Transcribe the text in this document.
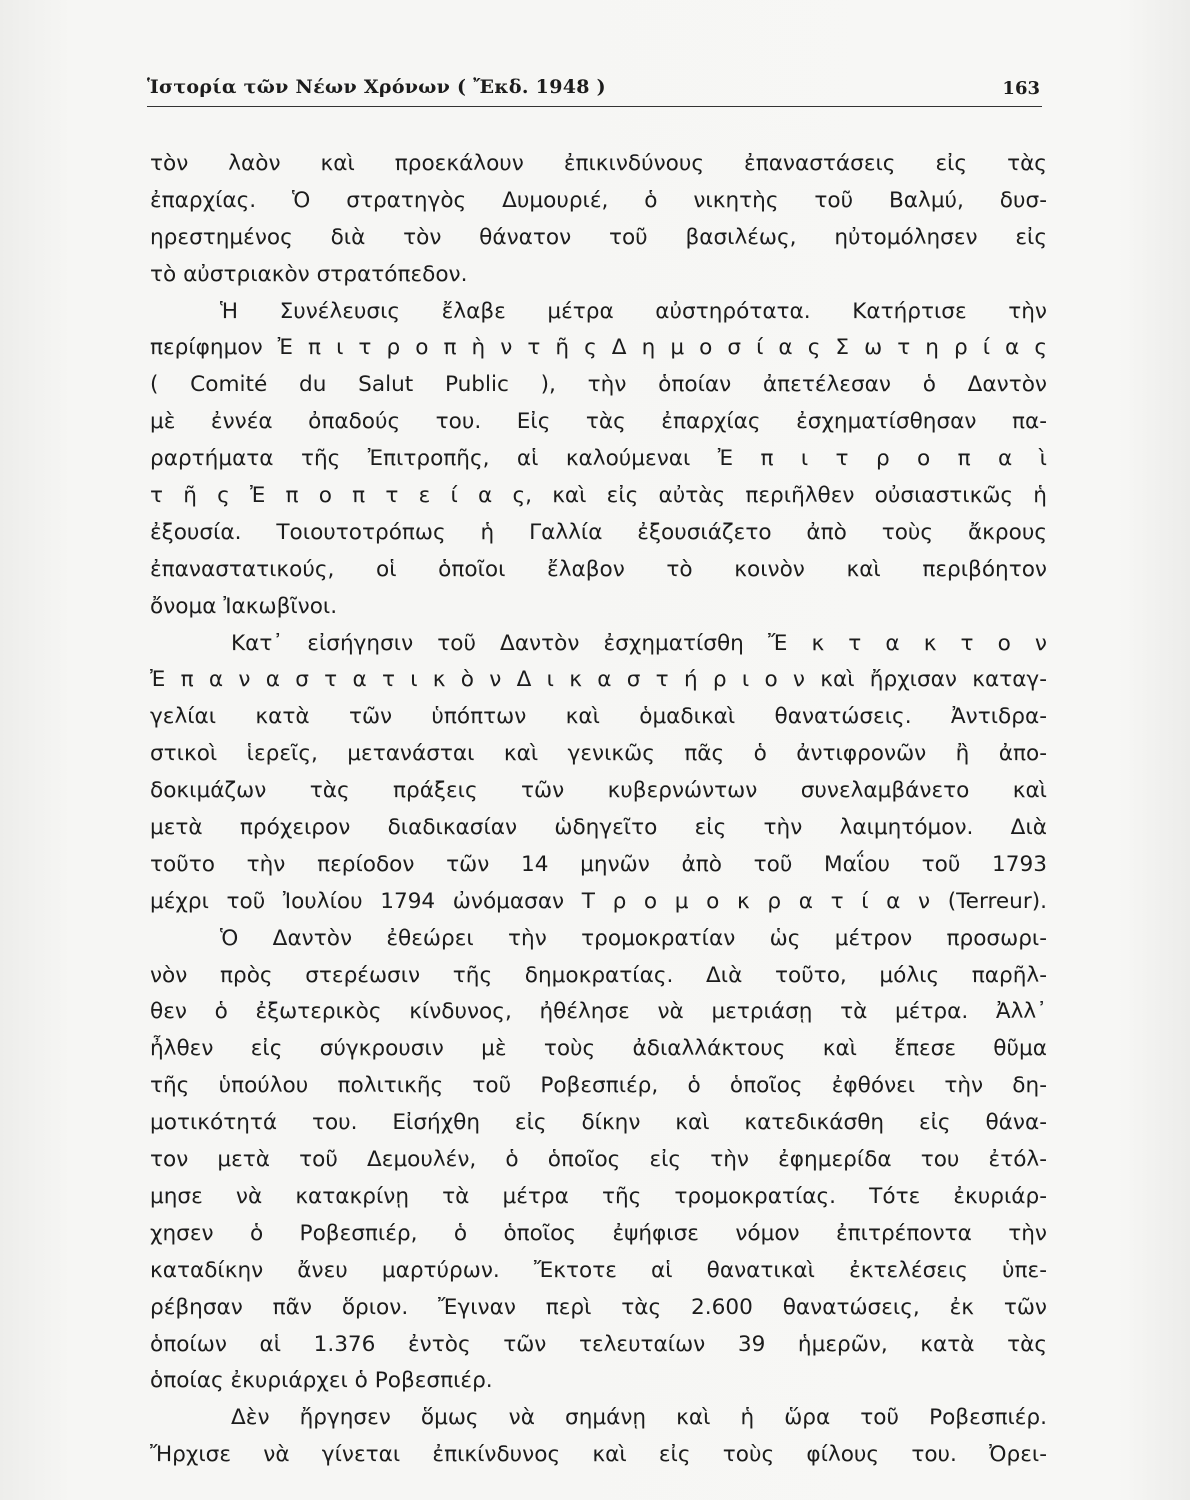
Ἱστορία τῶν Νέων Χρόνων ( Ἔκδ. 1948 )	163
τὸν λαὸν καὶ προεκάλουν ἐπικινδύνους ἐπαναστάσεις εἰς τὰς
ἐπαρχίας. Ὁ στρατηγὸς Δυμουριέ, ὁ νικητὴς τοῦ Βαλμύ, δυσ-
ηρεστημένος διὰ τὸν θάνατον τοῦ βασιλέως, ηὐτομόλησεν εἰς
τὸ αὐστριακὸν στρατόπεδον.
Ἡ Συνέλευσις ἔλαβε μέτρα αὐστηρότατα. Κατήρτισε τὴν
περίφημον Ἐ π ι τ ρ ο π ὴ ν τ ῆ ς Δ η μ ο σ ί α ς Σ ω τ η ρ ί α ς
( Comité du Salut Public ), τὴν ὁποίαν ἀπετέλεσαν ὁ Δαντὸν
μὲ ἐννέα ὀπαδούς του. Εἰς τὰς ἐπαρχίας ἐσχηματίσθησαν πα-
ραρτήματα τῆς Ἐπιτροπῆς, αἱ καλούμεναι Ἐ π ι τ ρ ο π α ὶ
τ ῆ ς Ἐ π ο π τ ε ί α ς, καὶ εἰς αὐτὰς περιῆλθεν οὐσιαστικῶς ἡ
ἐξουσία. Τοιουτοτρόπως ἡ Γαλλία ἐξουσιάζετο ἀπὸ τοὺς ἄκρους
ἐπαναστατικούς, οἱ ὁποῖοι ἔλαβον τὸ κοινὸν καὶ περιβόητον
ὄνομα Ἰακωβῖνοι.
Κατ᾿ εἰσήγησιν τοῦ Δαντὸν ἐσχηματίσθη Ἔ κ τ α κ τ ο ν
Ἐ π α ν α σ τ α τ ι κ ὸ ν Δ ι κ α σ τ ή ρ ι ο ν καὶ ἤρχισαν καταγ-
γελίαι κατὰ τῶν ὑπόπτων καὶ ὁμαδικαὶ θανατώσεις. Ἀντιδρα-
στικοὶ ἱερεῖς, μετανάσται καὶ γενικῶς πᾶς ὁ ἀντιφρονῶν ἢ ἀπο-
δοκιμάζων τὰς πράξεις τῶν κυβερνώντων συνελαμβάνετο καὶ
μετὰ πρόχειρον διαδικασίαν ὡδηγεῖτο εἰς τὴν λαιμητόμον. Διὰ
τοῦτο τὴν περίοδον τῶν 14 μηνῶν ἀπὸ τοῦ Μαΐου τοῦ 1793
μέχρι τοῦ Ἰουλίου 1794 ὠνόμασαν Τ ρ ο μ ο κ ρ α τ ί α ν (Terreur).
Ὁ Δαντὸν ἐθεώρει τὴν τρομοκρατίαν ὡς μέτρον προσωρι-
νὸν πρὸς στερέωσιν τῆς δημοκρατίας. Διὰ τοῦτο, μόλις παρῆλ-
θεν ὁ ἐξωτερικὸς κίνδυνος, ἠθέλησε νὰ μετριάσῃ τὰ μέτρα. Ἀλλ᾿
ἦλθεν εἰς σύγκρουσιν μὲ τοὺς ἀδιαλλάκτους καὶ ἔπεσε θῦμα
τῆς ὑπούλου πολιτικῆς τοῦ Ροβεσπιέρ, ὁ ὁποῖος ἐφθόνει τὴν δη-
μοτικότητά του. Εἰσήχθη εἰς δίκην καὶ κατεδικάσθη εἰς θάνα-
τον μετὰ τοῦ Δεμουλέν, ὁ ὁποῖος εἰς τὴν ἐφημερίδα του ἐτόλ-
μησε νὰ κατακρίνῃ τὰ μέτρα τῆς τρομοκρατίας. Τότε ἐκυριάρ-
χησεν ὁ Ροβεσπιέρ, ὁ ὁποῖος ἐψήφισε νόμον ἐπιτρέποντα τὴν
καταδίκην ἄνευ μαρτύρων. Ἔκτοτε αἱ θανατικαὶ ἐκτελέσεις ὑπε-
ρέβησαν πᾶν ὅριον. Ἔγιναν περὶ τὰς 2.600 θανατώσεις, ἐκ τῶν
ὁποίων αἱ 1.376 ἐντὸς τῶν τελευταίων 39 ἡμερῶν, κατὰ τὰς
ὁποίας ἐκυριάρχει ὁ Ροβεσπιέρ.
Δὲν ἤργησεν ὅμως νὰ σημάνῃ καὶ ἡ ὥρα τοῦ Ροβεσπιέρ.
Ἤρχισε νὰ γίνεται ἐπικίνδυνος καὶ εἰς τοὺς φίλους του. Ὀρει-
